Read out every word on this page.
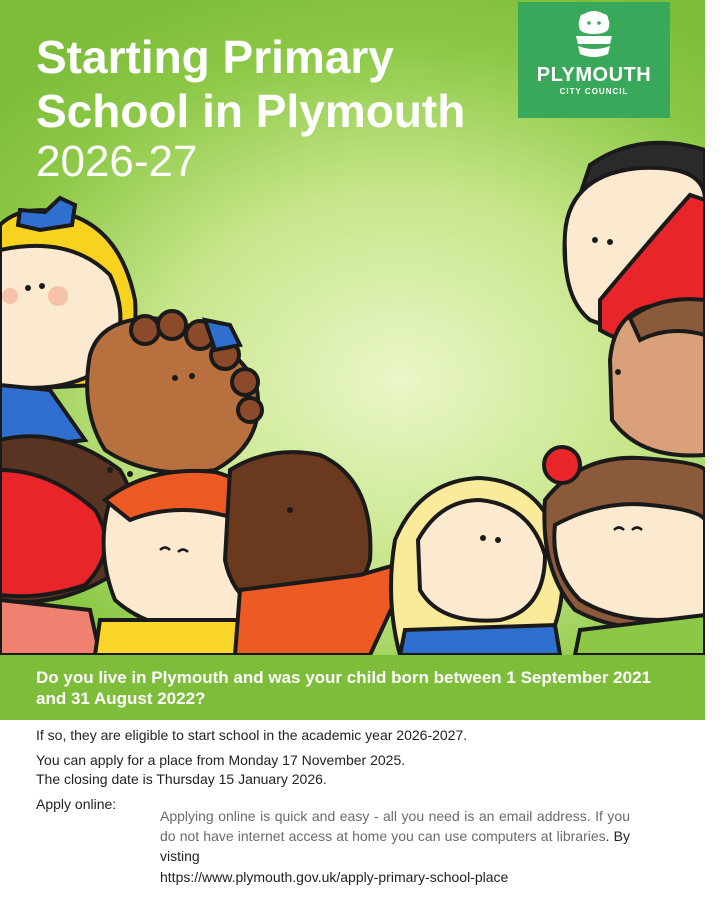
Starting Primary
School in Plymouth
2026-27
PLYMOUTH
CITY COUNCIL
Do you live in Plymouth and was your child born between 1 September 2021 and 31 August 2022?
If so, they are eligible to start school in the academic year 2026-2027.
You can apply for a place from Monday 17 November 2025.
The closing date is Thursday 15 January 2026.
Apply online:
Applying online is quick and easy - all you need is an email address. If you do not have internet access at home you can use computers at libraries. By visting
https://www.plymouth.gov.uk/apply-primary-school-place
